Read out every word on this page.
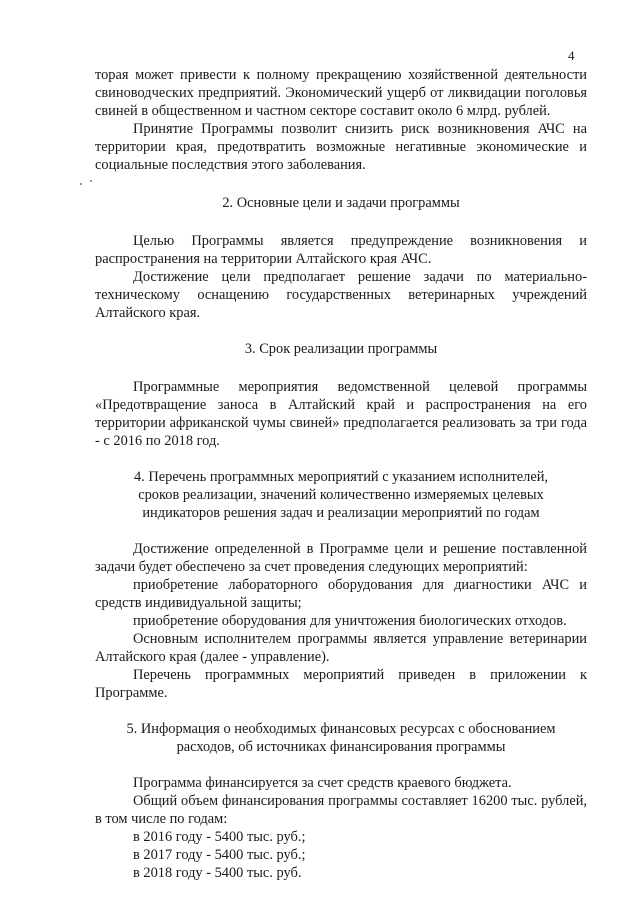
4

торая может привести к полному прекращению хозяйственной деятельности свиноводческих предприятий. Экономический ущерб от ликвидации поголовья свиней в общественном и частном секторе составит около 6 млрд. рублей.

Принятие Программы позволит снизить риск возникновения АЧС на территории края, предотвратить возможные негативные экономические и социальные последствия этого заболевания.

2. Основные цели и задачи программы

Целью Программы является предупреждение возникновения и распространения на территории Алтайского края АЧС.

Достижение цели предполагает решение задачи по материально-техническому оснащению государственных ветеринарных учреждений Алтайского края.

3. Срок реализации программы

Программные мероприятия ведомственной целевой программы «Предотвращение заноса в Алтайский край и распространения на его территории африканской чумы свиней» предполагается реализовать за три года - с 2016 по 2018 год.

4. Перечень программных мероприятий с указанием исполнителей,

сроков реализации, значений количественно измеряемых целевых

индикаторов решения задач и реализации мероприятий по годам

Достижение определенной в Программе цели и решение поставленной задачи будет обеспечено за счет проведения следующих мероприятий:

приобретение лабораторного оборудования для диагностики АЧС и средств индивидуальной защиты;

приобретение оборудования для уничтожения биологических отходов.

Основным исполнителем программы является управление ветеринарии Алтайского края (далее - управление).

Перечень программных мероприятий приведен в приложении к Программе.

5. Информация о необходимых финансовых ресурсах с обоснованием

расходов, об источниках финансирования программы

Программа финансируется за счет средств краевого бюджета.

Общий объем финансирования программы составляет 16200 тыс. рублей, в том числе по годам:

в 2016 году - 5400 тыс. руб.;

в 2017 году - 5400 тыс. руб.;

в 2018 году - 5400 тыс. руб.
